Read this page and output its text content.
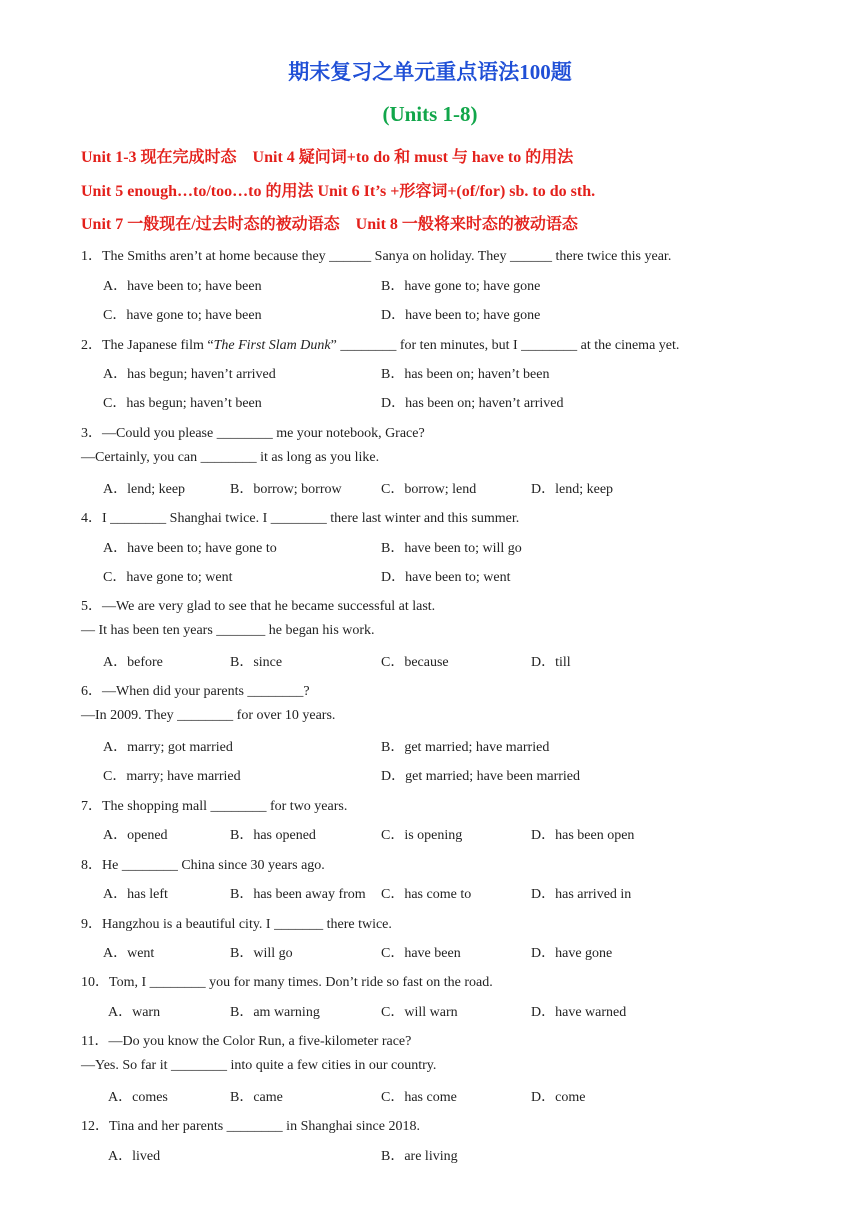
期末复习之单元重点语法100题
(Units 1-8)
Unit 1-3 现在完成时态　Unit 4 疑问词+to do 和 must 与 have to 的用法
Unit 5 enough…to/too…to 的用法 Unit 6 It’s +形容词+(of/for) sb. to do sth.
Unit 7 一般现在/过去时态的被动语态　Unit 8 一般将来时态的被动语态
1．The Smiths aren’t at home because they ______ Sanya on holiday. They ______ there twice this year.
A．have been to; have been	B．have gone to; have gone
C．have gone to; have been	D．have been to; have gone
2．The Japanese film “The First Slam Dunk” ________ for ten minutes, but I ________ at the cinema yet.
A．has begun; haven’t arrived	B．has been on; haven’t been
C．has begun; haven’t been	D．has been on; haven’t arrived
3．—Could you please ________ me your notebook, Grace?
—Certainly, you can ________ it as long as you like.
A．lend; keep	B．borrow; borrow	C．borrow; lend	D．lend; keep
4．I ________ Shanghai twice. I ________ there last winter and this summer.
A．have been to; have gone to	B．have been to; will go
C．have gone to; went	D．have been to; went
5．—We are very glad to see that he became successful at last.
— It has been ten years _______ he began his work.
A．before	B．since	C．because	D．till
6．—When did your parents ________?
—In 2009. They ________ for over 10 years.
A．marry; got married	B．get married; have married
C．marry; have married	D．get married; have been married
7．The shopping mall ________ for two years.
A．opened	B．has opened	C．is opening	D．has been open
8．He ________ China since 30 years ago.
A．has left	B．has been away from C．has come to	D．has arrived in
9．Hangzhou is a beautiful city. I _______ there twice.
A．went	B．will go	C．have been	D．have gone
10．Tom, I ________ you for many times. Don’t ride so fast on the road.
A．warn	B．am warning	C．will warn	D．have warned
11．—Do you know the Color Run, a five-kilometer race?
—Yes. So far it ________ into quite a few cities in our country.
A．comes	B．came	C．has come	D．come
12．Tina and her parents ________ in Shanghai since 2018.
A．lived	B．are living
